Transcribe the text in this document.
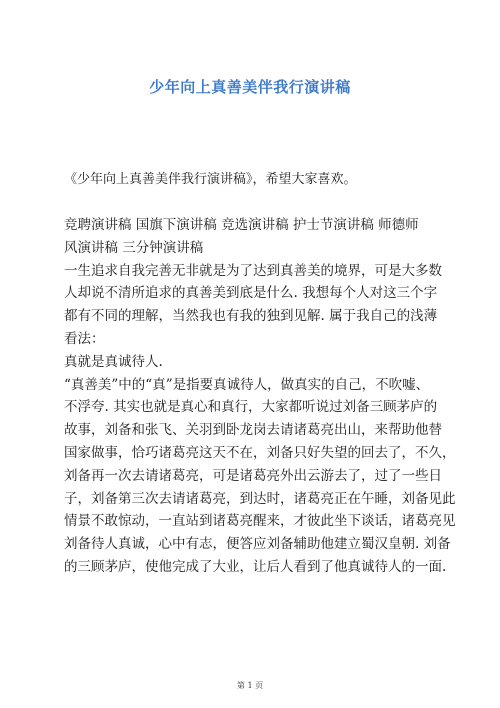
少年向上真善美伴我行演讲稿
《少年向上真善美伴我行演讲稿》，希望大家喜欢。
竞聘演讲稿 国旗下演讲稿 竞选演讲稿 护士节演讲稿 师德师
风演讲稿 三分钟演讲稿
一生追求自我完善无非就是为了达到真善美的境界，可是大多数
人却说不清所追求的真善美到底是什么. 我想每个人对这三个字
都有不同的理解，当然我也有我的独到见解. 属于我自己的浅薄
看法：
真就是真诚待人.
“真善美”中的“真”是指要真诚待人，做真实的自己，不吹嘘、
不浮夸. 其实也就是真心和真行，大家都听说过刘备三顾茅庐的
故事，刘备和张飞、关羽到卧龙岗去请诸葛亮出山，来帮助他替
国家做事，恰巧诸葛亮这天不在，刘备只好失望的回去了，不久，
刘备再一次去请诸葛亮，可是诸葛亮外出云游去了，过了一些日
子，刘备第三次去请诸葛亮，到达时，诸葛亮正在午睡，刘备见此
情景不敢惊动，一直站到诸葛亮醒来，才彼此坐下谈话，诸葛亮见
刘备待人真诚，心中有志，便答应刘备辅助他建立蜀汉皇朝. 刘备
的三顾茅庐，使他完成了大业，让后人看到了他真诚待人的一面.
第 1 页
